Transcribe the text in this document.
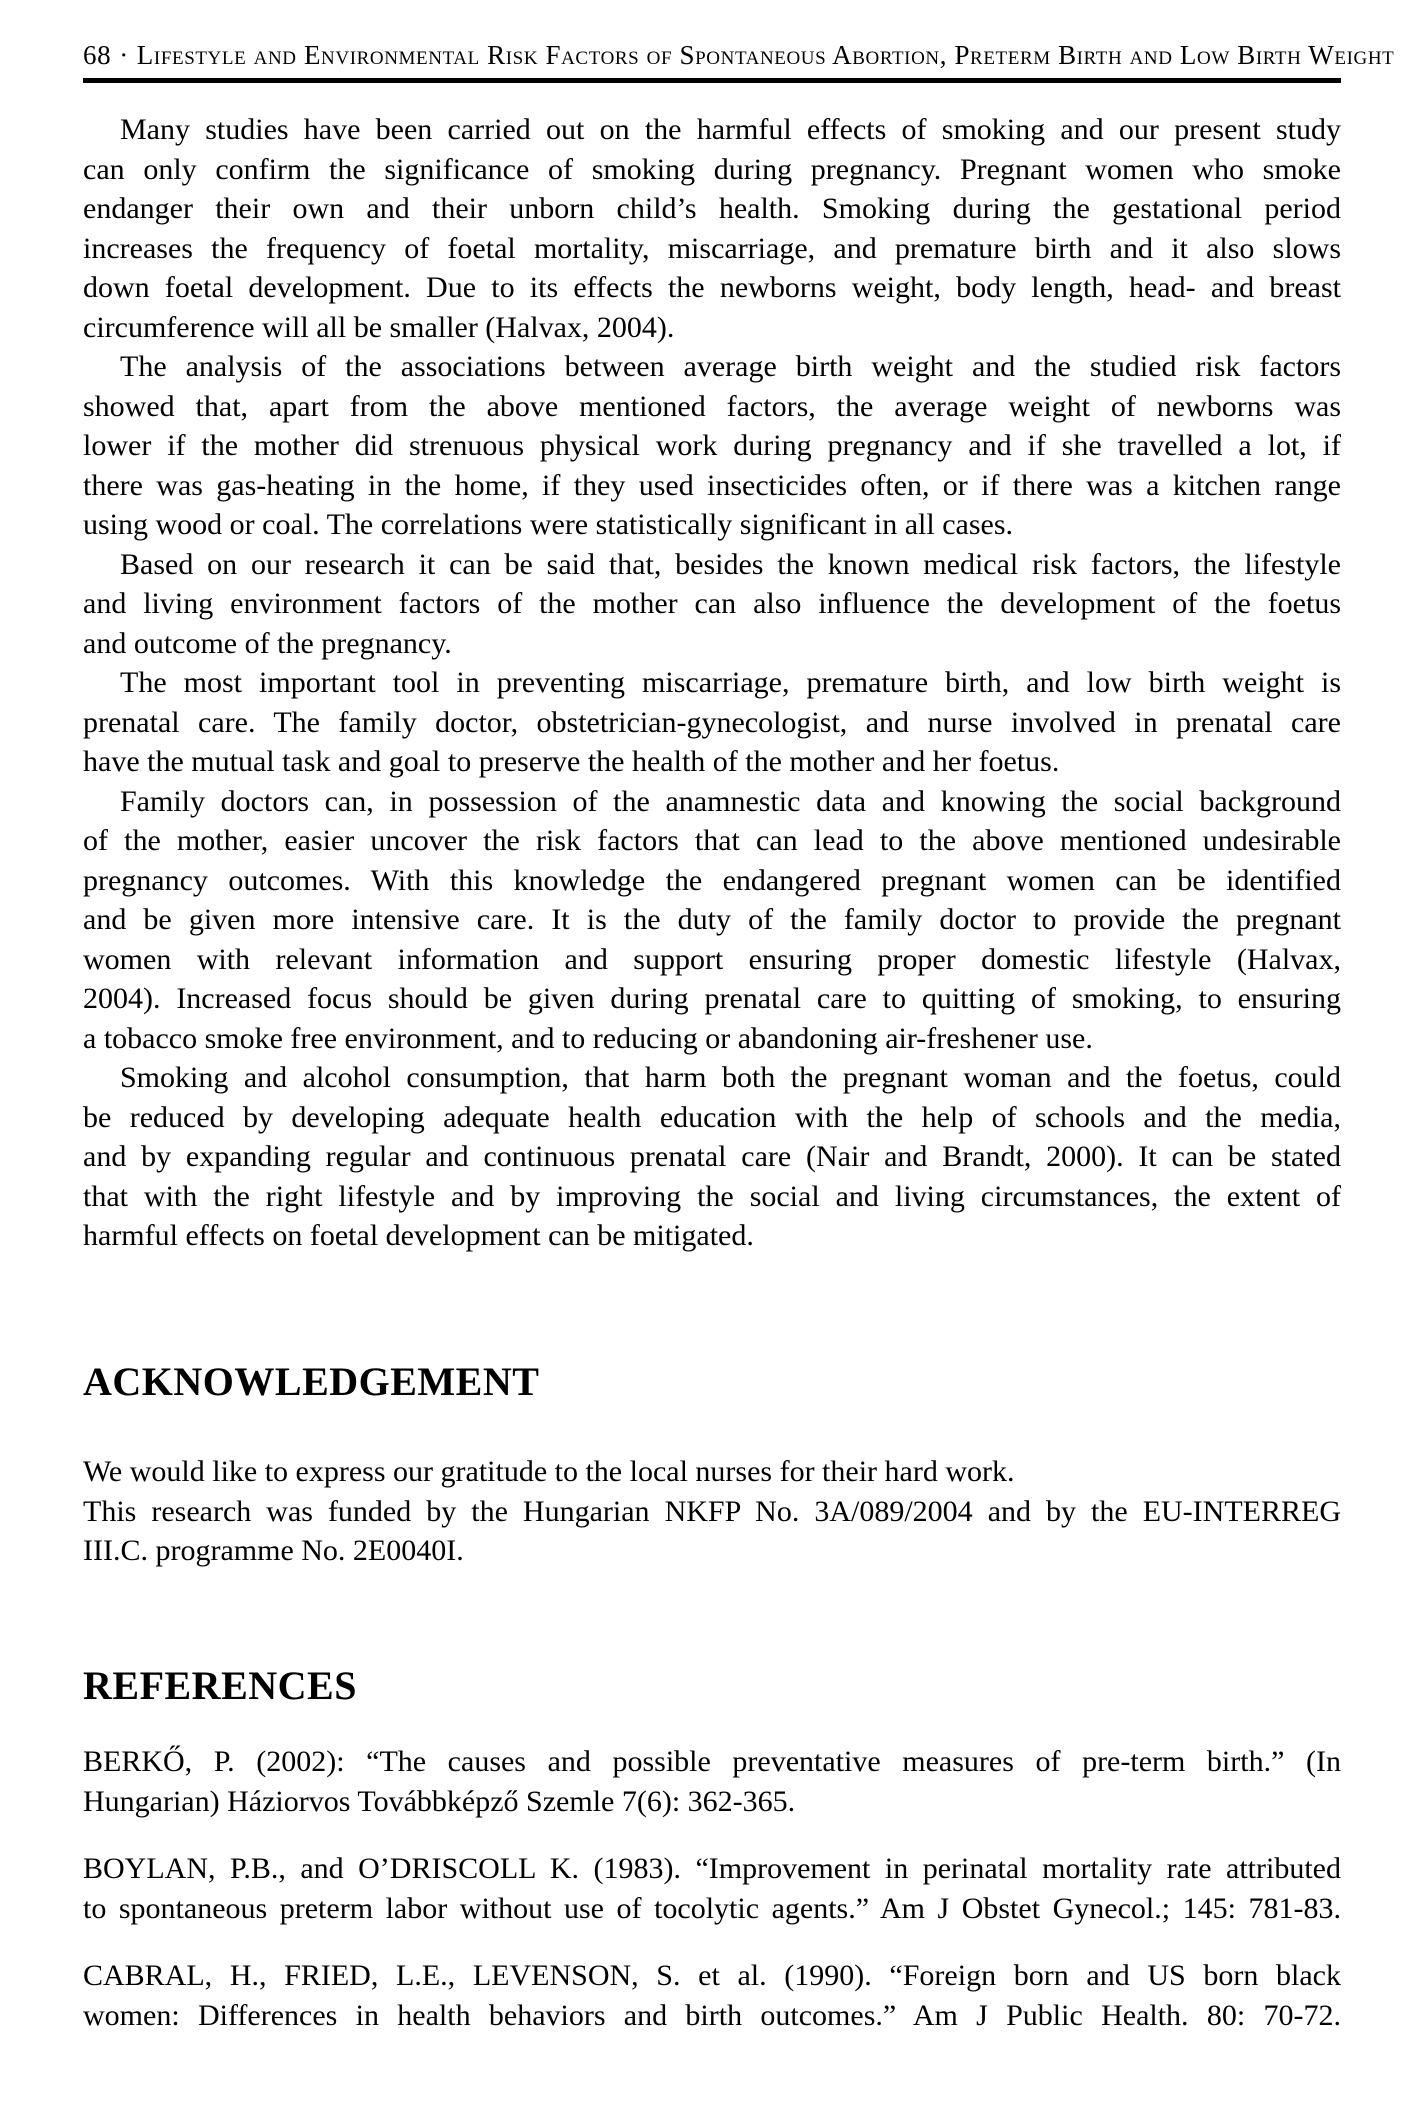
68 · Lifestyle and Environmental Risk Factors of Spontaneous Abortion, Preterm Birth and Low Birth Weight
Many studies have been carried out on the harmful effects of smoking and our present study
can only confirm the significance of smoking during pregnancy. Pregnant women who smoke
endanger their own and their unborn child’s health. Smoking during the gestational period
increases the frequency of foetal mortality, miscarriage, and premature birth and it also slows
down foetal development. Due to its effects the newborns weight, body length, head- and breast
circumference will all be smaller (Halvax, 2004).
The analysis of the associations between average birth weight and the studied risk factors
showed that, apart from the above mentioned factors, the average weight of newborns was
lower if the mother did strenuous physical work during pregnancy and if she travelled a lot, if
there was gas-heating in the home, if they used insecticides often, or if there was a kitchen range
using wood or coal. The correlations were statistically significant in all cases.
Based on our research it can be said that, besides the known medical risk factors, the lifestyle
and living environment factors of the mother can also influence the development of the foetus
and outcome of the pregnancy.
The most important tool in preventing miscarriage, premature birth, and low birth weight is
prenatal care. The family doctor, obstetrician-gynecologist, and nurse involved in prenatal care
have the mutual task and goal to preserve the health of the mother and her foetus.
Family doctors can, in possession of the anamnestic data and knowing the social background
of the mother, easier uncover the risk factors that can lead to the above mentioned undesirable
pregnancy outcomes. With this knowledge the endangered pregnant women can be identified
and be given more intensive care. It is the duty of the family doctor to provide the pregnant
women with relevant information and support ensuring proper domestic lifestyle (Halvax,
2004). Increased focus should be given during prenatal care to quitting of smoking, to ensuring
a tobacco smoke free environment, and to reducing or abandoning air-freshener use.
Smoking and alcohol consumption, that harm both the pregnant woman and the foetus, could
be reduced by developing adequate health education with the help of schools and the media,
and by expanding regular and continuous prenatal care (Nair and Brandt, 2000). It can be stated
that with the right lifestyle and by improving the social and living circumstances, the extent of
harmful effects on foetal development can be mitigated.
ACKNOWLEDGEMENT
We would like to express our gratitude to the local nurses for their hard work.
This research was funded by the Hungarian NKFP No. 3A/089/2004 and by the EU-INTERREG
III.C. programme No. 2E0040I.
REFERENCES
BERKŐ, P. (2002): “The causes and possible preventative measures of pre-term birth.” (In
Hungarian) Háziorvos Továbbképző Szemle 7(6): 362-365.
BOYLAN, P.B., and O’DRISCOLL K. (1983). “Improvement in perinatal mortality rate attributed
to spontaneous preterm labor without use of tocolytic agents.” Am J Obstet Gynecol.; 145: 781-83.
CABRAL, H., FRIED, L.E., LEVENSON, S. et al. (1990). “Foreign born and US born black
women: Differences in health behaviors and birth outcomes.” Am J Public Health. 80: 70-72.
